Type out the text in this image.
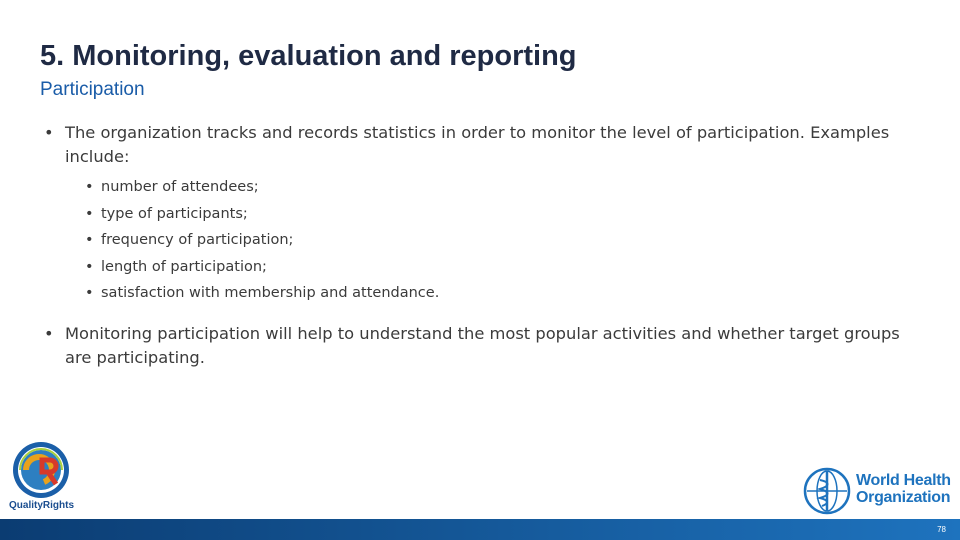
5. Monitoring, evaluation and reporting
Participation
• The organization tracks and records statistics in order to monitor the level of participation. Examples include:
• number of attendees;
• type of participants;
• frequency of participation;
• length of participation;
• satisfaction with membership and attendance.
• Monitoring participation will help to understand the most popular activities and whether target groups are participating.
QualityRights
World Health
Organization
78
